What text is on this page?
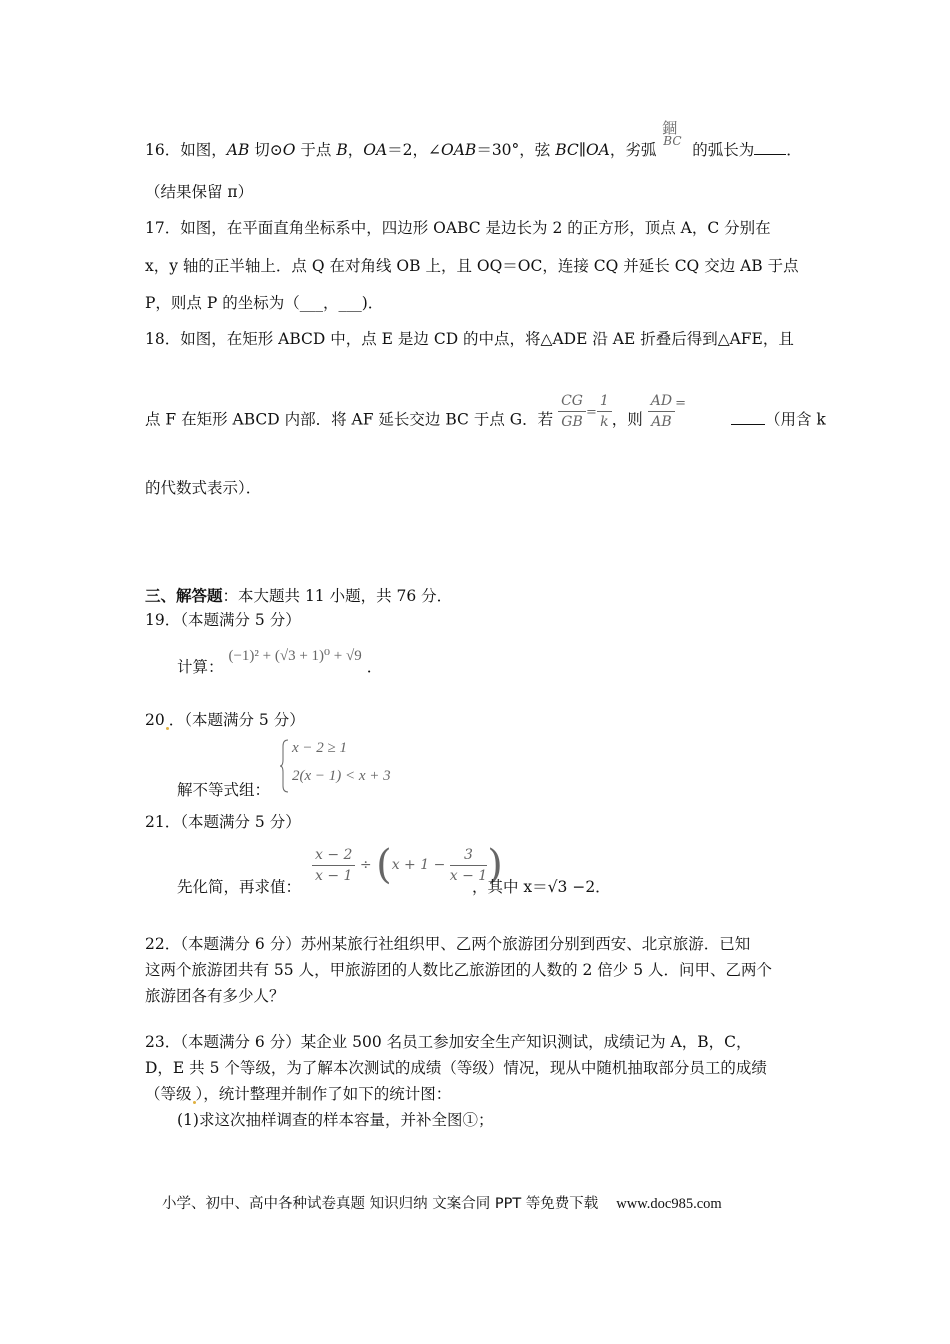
16．如图，AB 切⊙O 于点 B，OA＝2，∠OAB＝30°，弦 BC∥OA，劣弧
錮
BC 的弧长为 ．
（结果保留 π）
17．如图，在平面直角坐标系中，四边形 OABC 是边长为 2 的正方形，顶点 A，C 分别在
x，y 轴的正半轴上．点 Q 在对角线 OB 上，且 OQ＝OC，连接 CQ 并延长 CQ 交边 AB 于点
P，则点 P 的坐标为（___，___)．
18．如图，在矩形 ABCD 中，点 E 是边 CD 的中点，将△ADE 沿 AE 折叠后得到△AFE，且
点 F 在矩形 ABCD 内部．将 AF 延长交边 BC 于点 G．若 $\frac{CG}{GB} ^= \frac{1}{k}$ ，则 $\frac{AD}{AB} ^=$ （用含 k
的代数式表示）．
三、解答题：本大题共 11 小题，共 76 分．
19．（本题满分 5 分）
计算： (−1)² + (√3 + 1)⁰ + √9 ．
20 ．（本题满分 5 分）
解不等式组：
x − 2 ≥ 1
2(x − 1) < x + 3
21．（本题满分 5 分）
先化简，再求值：
$\frac{x - 2}{x - 1} \div (x + 1 - \frac{3}{x - 1}$ )
，其中 x＝√3 −2．
22．（本题满分 6 分）苏州某旅行社组织甲、乙两个旅游团分别到西安、北京旅游．已知
这两个旅游团共有 55 人，甲旅游团的人数比乙旅游团的人数的 2 倍少 5 人．问甲、乙两个
旅游团各有多少人？
23．（本题满分 6 分）某企业 500 名员工参加安全生产知识测试，成绩记为 A，B，C，
D，E 共 5 个等级，为了解本次测试的成绩（等级）情况，现从中随机抽取部分员工的成绩
（等级 ），统计整理并制作了如下的统计图：
(1)求这次抽样调查的样本容量，并补全图①；
小学、初中、高中各种试卷真题 知识归纳 文案合同 PPT 等免费下载 www.doc985.com
